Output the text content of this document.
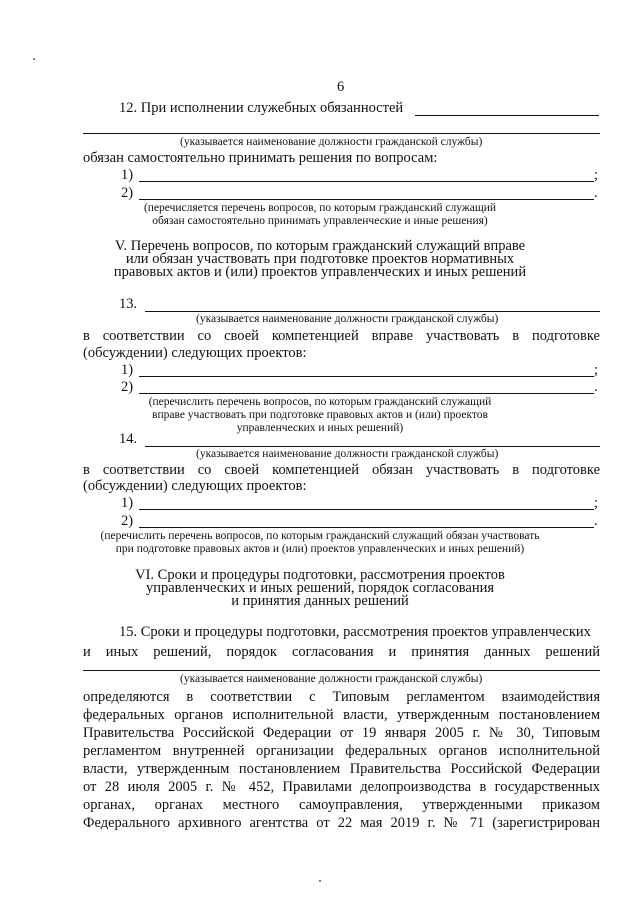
6
12. При исполнении служебных обязанностей
(указывается наименование должности гражданской службы)
обязан самостоятельно принимать решения по вопросам:
1)	;
2)	.
(перечисляется перечень вопросов, по которым гражданский служащий
обязан самостоятельно принимать управленческие и иные решения)
V. Перечень вопросов, по которым гражданский служащий вправе
или обязан участвовать при подготовке проектов нормативных
правовых актов и (или) проектов управленческих и иных решений
13.
(указывается наименование должности гражданской службы)
в соответствии со своей компетенцией вправе участвовать в подготовке
(обсуждении) следующих проектов:
1)	;
2)	.
(перечислить перечень вопросов, по которым гражданский служащий
вправе участвовать при подготовке правовых актов и (или) проектов
управленческих и иных решений)
14.
(указывается наименование должности гражданской службы)
в соответствии со своей компетенцией обязан участвовать в подготовке
(обсуждении) следующих проектов:
1)	;
2)	.
(перечислить перечень вопросов, по которым гражданский служащий обязан участвовать
при подготовке правовых актов и (или) проектов управленческих и иных решений)
VI. Сроки и процедуры подготовки, рассмотрения проектов
управленческих и иных решений, порядок согласования
и принятия данных решений
15. Сроки и процедуры подготовки, рассмотрения проектов управленческих
и иных решений, порядок согласования и принятия данных решений
(указывается наименование должности гражданской службы)
определяются в соответствии с Типовым регламентом взаимодействия
федеральных органов исполнительной власти, утвержденным постановлением
Правительства Российской Федерации от 19 января 2005 г. № 30, Типовым
регламентом внутренней организации федеральных органов исполнительной
власти, утвержденным постановлением Правительства Российской Федерации
от 28 июля 2005 г. № 452, Правилами делопроизводства в государственных
органах, органах местного самоуправления, утвержденными приказом
Федерального архивного агентства от 22 мая 2019 г. № 71 (зарегистрирован
